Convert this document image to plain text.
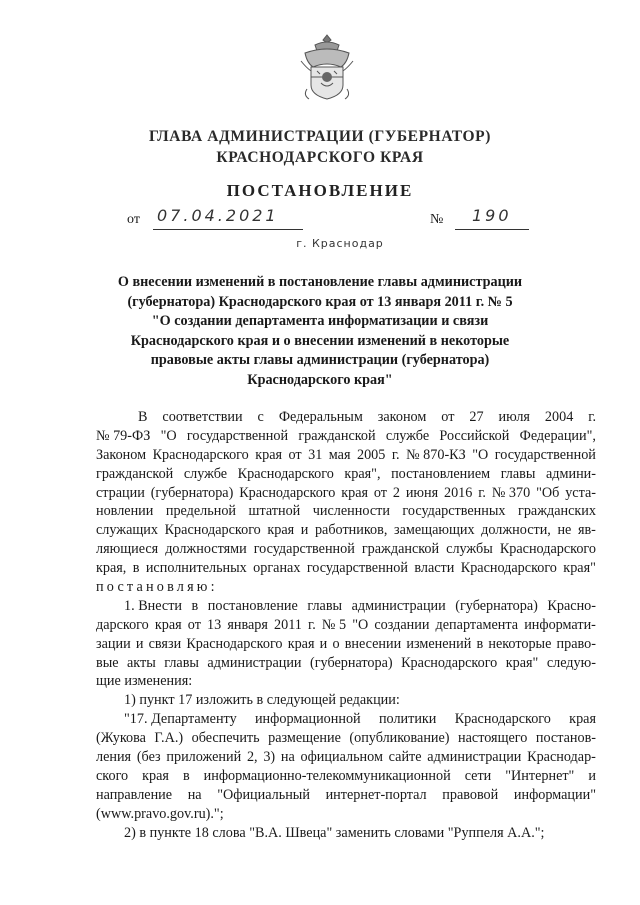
ГЛАВА АДМИНИСТРАЦИИ (ГУБЕРНАТОР)
КРАСНОДАРСКОГО КРАЯ
ПОСТАНОВЛЕНИЕ
от 07.04.2021	№ 190
г. Краснодар
О внесении изменений в постановление главы администрации
(губернатора) Краснодарского края от 13 января 2011 г. № 5
"О создании департамента информатизации и связи
Краснодарского края и о внесении изменений в некоторые
правовые акты главы администрации (губернатора)
Краснодарского края"
В соответствии с Федеральным законом от 27 июля 2004 г.
№ 79-ФЗ "О государственной гражданской службе Российской Федерации",
Законом Краснодарского края от 31 мая 2005 г. № 870-КЗ "О государственной
гражданской службе Краснодарского края", постановлением главы админи-
страции (губернатора) Краснодарского края от 2 июня 2016 г. № 370 "Об уста-
новлении предельной штатной численности государственных гражданских
служащих Краснодарского края и работников, замещающих должности, не яв-
ляющиеся должностями государственной гражданской службы Краснодарского
края, в исполнительных органах государственной власти Краснодарского края"
постановляю:
1. Внести в постановление главы администрации (губернатора) Красно-
дарского края от 13 января 2011 г. № 5 "О создании департамента информати-
зации и связи Краснодарского края и о внесении изменений в некоторые право-
вые акты главы администрации (губернатора) Краснодарского края" следую-
щие изменения:
1) пункт 17 изложить в следующей редакции:
"17. Департаменту информационной политики Краснодарского края
(Жукова Г.А.) обеспечить размещение (опубликование) настоящего постанов-
ления (без приложений 2, 3) на официальном сайте администрации Краснодар-
ского края в информационно-телекоммуникационной сети "Интернет" и
направление на "Официальный интернет-портал правовой информации"
(www.pravo.gov.ru).";
2) в пункте 18 слова "В.А. Швеца" заменить словами "Руппеля А.А.";
